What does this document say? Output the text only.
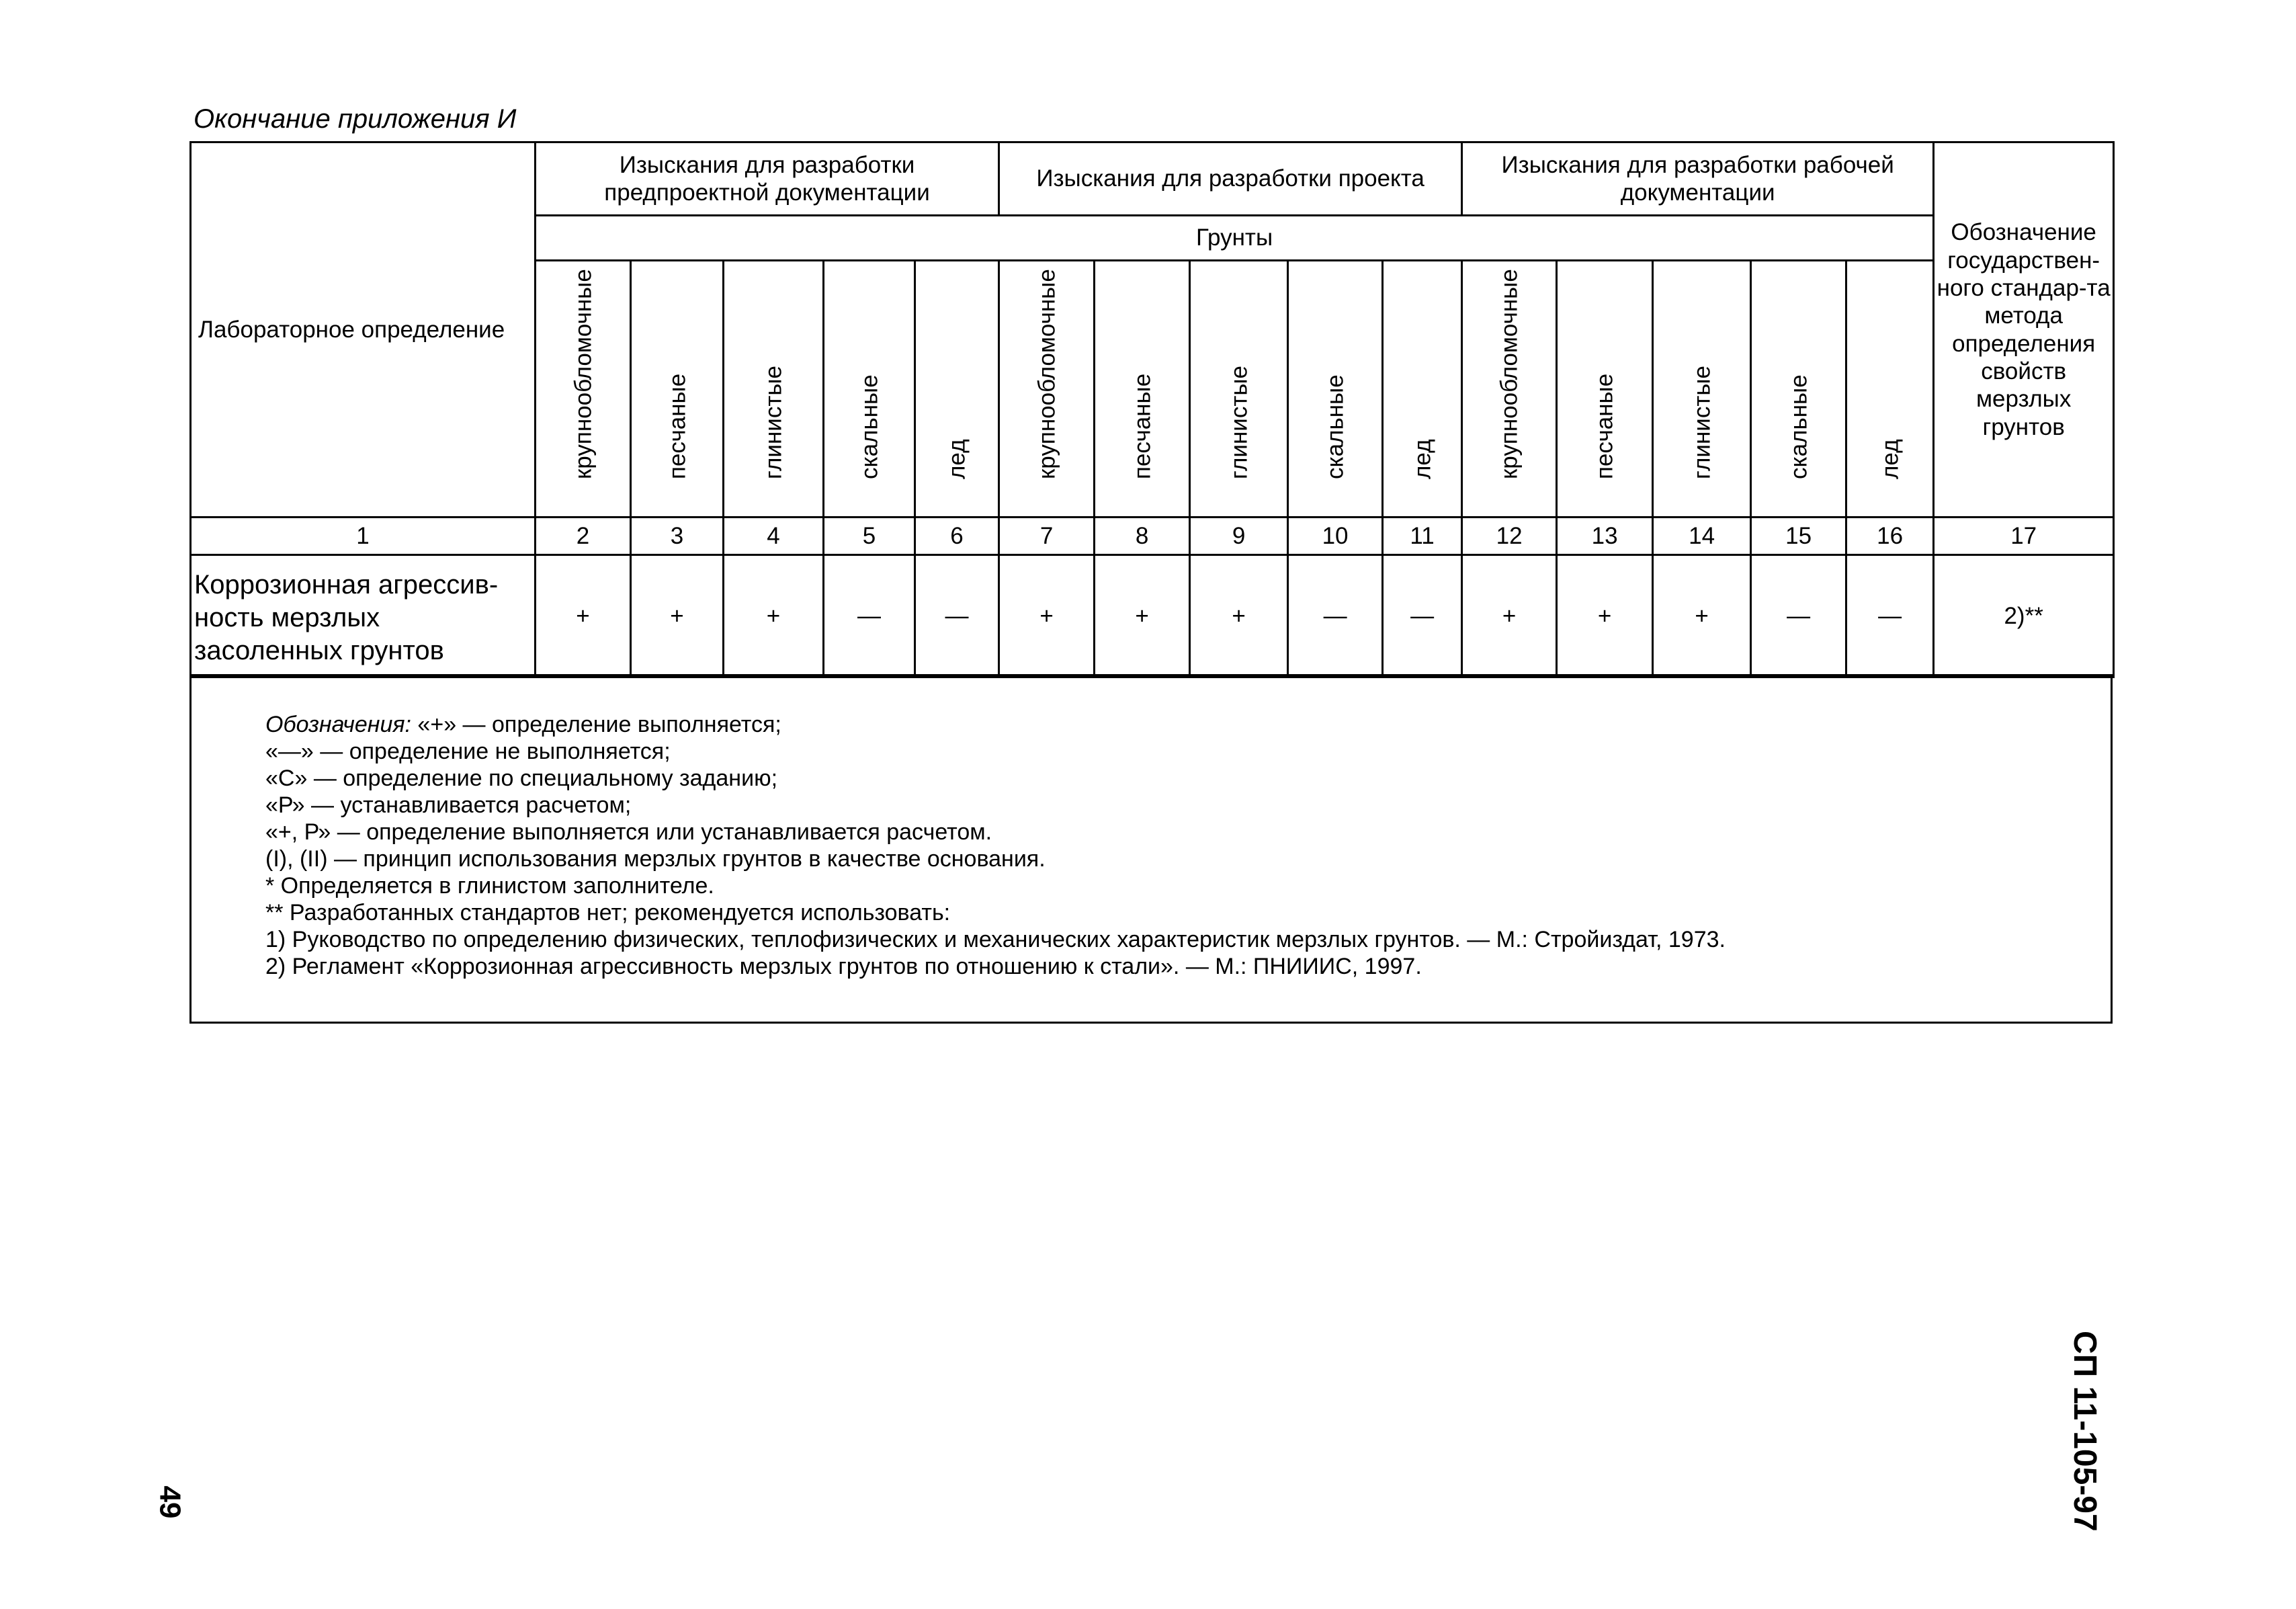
Окончание приложения И
Лабораторное определение	Изыскания для разработки предпроектной документации					Изыскания для разработки проекта					Изыскания для разработки рабочей документации					Обозначение государствен-ного стандар-та метода определения свойств мерзлых грунтов
	Грунты															

	крупнообломочные	песчаные	глинистые	скальные	лед	крупнообломочные	песчаные	глинистые	скальные	лед	крупнообломочные	песчаные	глинистые	скальные	лед	

1	2	3	4	5	6	7	8	9	10	11	12	13	14	15	16	17
Коррозионная агрессив-ность мерзлых засоленных грунтов	+	+	+	—	—	+	+	+	—	—	+	+	+	—	—	2)**
Обозначения: «+» — определение выполняется;
«—» — определение не выполняется;
«С» — определение по специальному заданию;
«Р» — устанавливается расчетом;
«+, Р» — определение выполняется или устанавливается расчетом.
(I), (II) — принцип использования мерзлых грунтов в качестве основания.
* Определяется в глинистом заполнителе.
** Разработанных стандартов нет; рекомендуется использовать:
1) Руководство по определению физических, теплофизических и механических характеристик мерзлых грунтов. — М.: Стройиздат, 1973.
2) Регламент «Коррозионная агрессивность мерзлых грунтов по отношению к стали». — М.: ПНИИИС, 1997.
49	СП 11-105-97
